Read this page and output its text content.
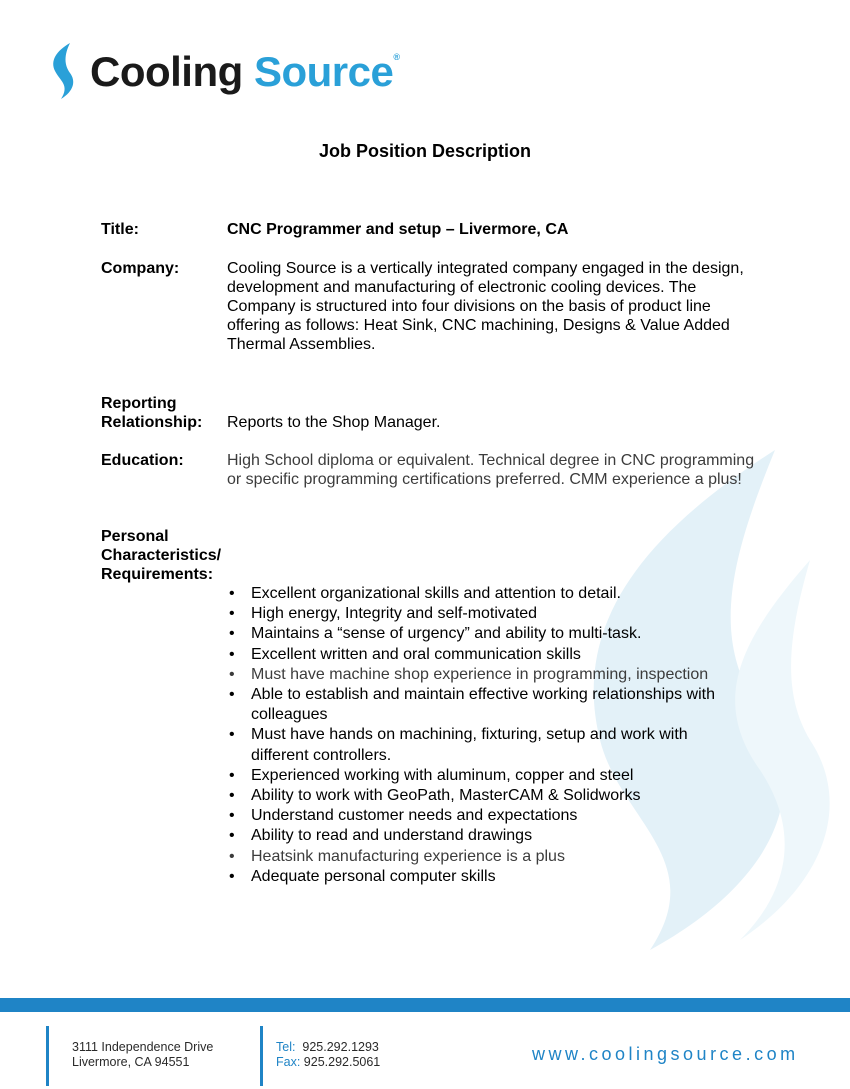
Cooling Source®
Job Position Description
Title:	CNC Programmer and setup – Livermore, CA
Company:	Cooling Source is a vertically integrated company engaged in the design, development and manufacturing of electronic cooling devices. The Company is structured into four divisions on the basis of product line offering as follows: Heat Sink, CNC machining, Designs & Value Added Thermal Assemblies.
Reporting
Relationship: Reports to the Shop Manager.
Education:	High School diploma or equivalent. Technical degree in CNC programming or specific programming certifications preferred. CMM experience a plus!
Personal
Characteristics/
Requirements:
• Excellent organizational skills and attention to detail.
• High energy, Integrity and self-motivated
• Maintains a “sense of urgency” and ability to multi-task.
• Excellent written and oral communication skills
• Must have machine shop experience in programming, inspection
• Able to establish and maintain effective working relationships with colleagues
• Must have hands on machining, fixturing, setup and work with different controllers.
• Experienced working with aluminum, copper and steel
• Ability to work with GeoPath, MasterCAM & Solidworks
• Understand customer needs and expectations
• Ability to read and understand drawings
• Heatsink manufacturing experience is a plus
• Adequate personal computer skills
3111 Independence Drive
Livermore, CA 94551
Tel: 925.292.1293
Fax: 925.292.5061	www.coolingsource.com
